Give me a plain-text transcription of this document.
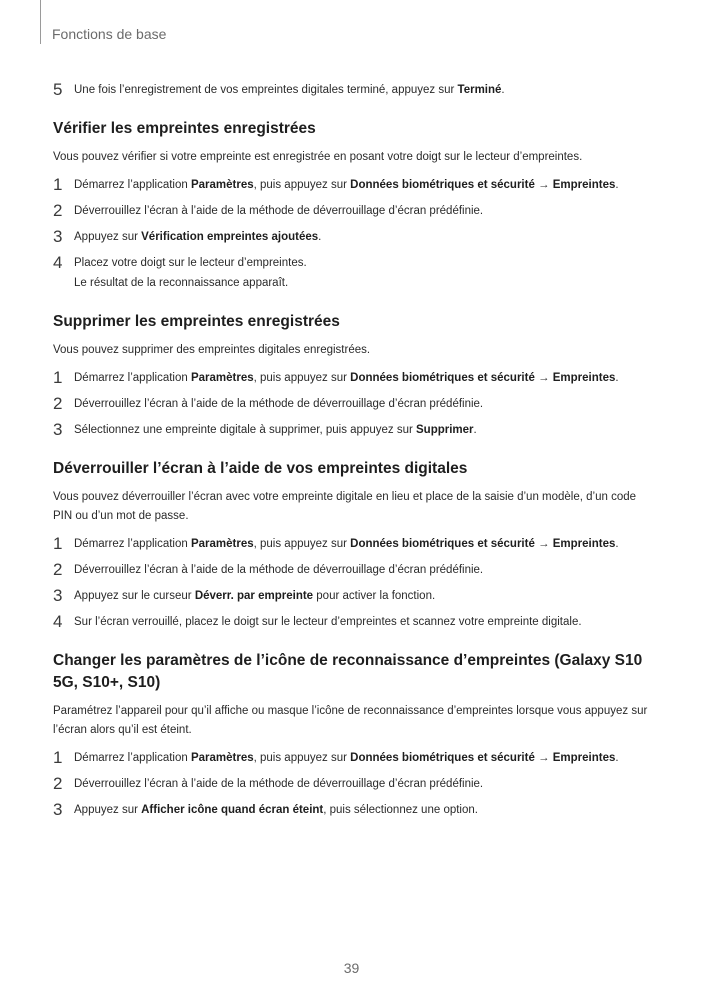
Fonctions de base
5 Une fois l’enregistrement de vos empreintes digitales terminé, appuyez sur Terminé.
Vérifier les empreintes enregistrées
Vous pouvez vérifier si votre empreinte est enregistrée en posant votre doigt sur le lecteur d’empreintes.
1 Démarrez l’application Paramètres, puis appuyez sur Données biométriques et sécurité → Empreintes.
2 Déverrouillez l’écran à l’aide de la méthode de déverrouillage d’écran prédéfinie.
3 Appuyez sur Vérification empreintes ajoutées.
4 Placez votre doigt sur le lecteur d’empreintes.
Le résultat de la reconnaissance apparaît.
Supprimer les empreintes enregistrées
Vous pouvez supprimer des empreintes digitales enregistrées.
1 Démarrez l’application Paramètres, puis appuyez sur Données biométriques et sécurité → Empreintes.
2 Déverrouillez l’écran à l’aide de la méthode de déverrouillage d’écran prédéfinie.
3 Sélectionnez une empreinte digitale à supprimer, puis appuyez sur Supprimer.
Déverrouiller l’écran à l’aide de vos empreintes digitales
Vous pouvez déverrouiller l’écran avec votre empreinte digitale en lieu et place de la saisie d’un modèle, d’un code PIN ou d’un mot de passe.
1 Démarrez l’application Paramètres, puis appuyez sur Données biométriques et sécurité → Empreintes.
2 Déverrouillez l’écran à l’aide de la méthode de déverrouillage d’écran prédéfinie.
3 Appuyez sur le curseur Déverr. par empreinte pour activer la fonction.
4 Sur l’écran verrouillé, placez le doigt sur le lecteur d’empreintes et scannez votre empreinte digitale.
Changer les paramètres de l’icône de reconnaissance d’empreintes (Galaxy S10 5G, S10+, S10)
Paramétrez l’appareil pour qu’il affiche ou masque l’icône de reconnaissance d’empreintes lorsque vous appuyez sur l’écran alors qu’il est éteint.
1 Démarrez l’application Paramètres, puis appuyez sur Données biométriques et sécurité → Empreintes.
2 Déverrouillez l’écran à l’aide de la méthode de déverrouillage d’écran prédéfinie.
3 Appuyez sur Afficher icône quand écran éteint, puis sélectionnez une option.
39
